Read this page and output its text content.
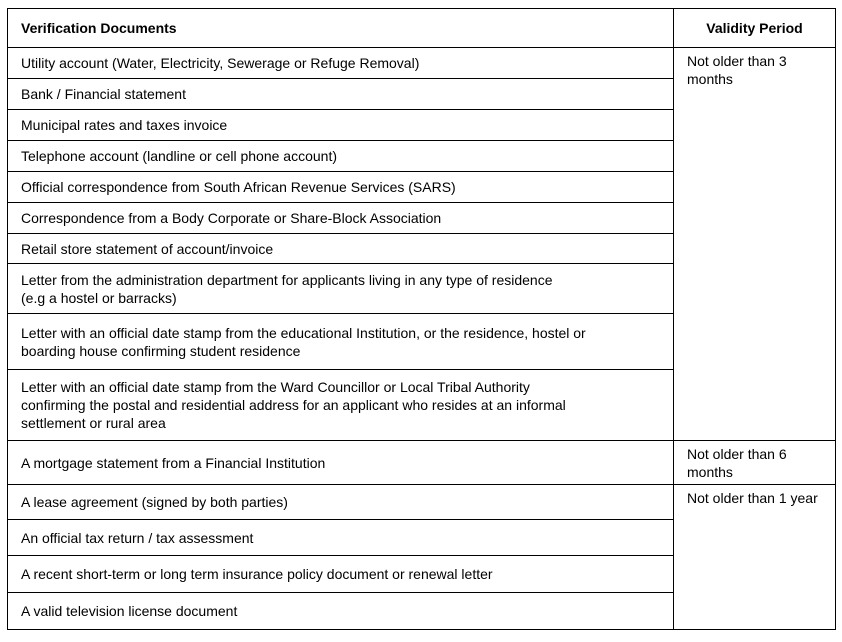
Verification Documents	Validity Period

Utility account (Water, Electricity, Sewerage or Refuge Removal)	Not older than 3
months

Bank / Financial statement	

Municipal rates and taxes invoice	

Telephone account (landline or cell phone account)	

Official correspondence from South African Revenue Services (SARS)	

Correspondence from a Body Corporate or Share-Block Association	

Retail store statement of account/invoice	

Letter from the administration department for applicants living in any type of residence
(e.g a hostel or barracks)	

Letter with an official date stamp from the educational Institution, or the residence, hostel or
boarding house confirming student residence	

Letter with an official date stamp from the Ward Councillor or Local Tribal Authority
confirming the postal and residential address for an applicant who resides at an informal
settlement or rural area	

A mortgage statement from a Financial Institution	Not older than 6
months

A lease agreement (signed by both parties)	Not older than 1 year

An official tax return / tax assessment	

A recent short-term or long term insurance policy document or renewal letter	

A valid television license document	
